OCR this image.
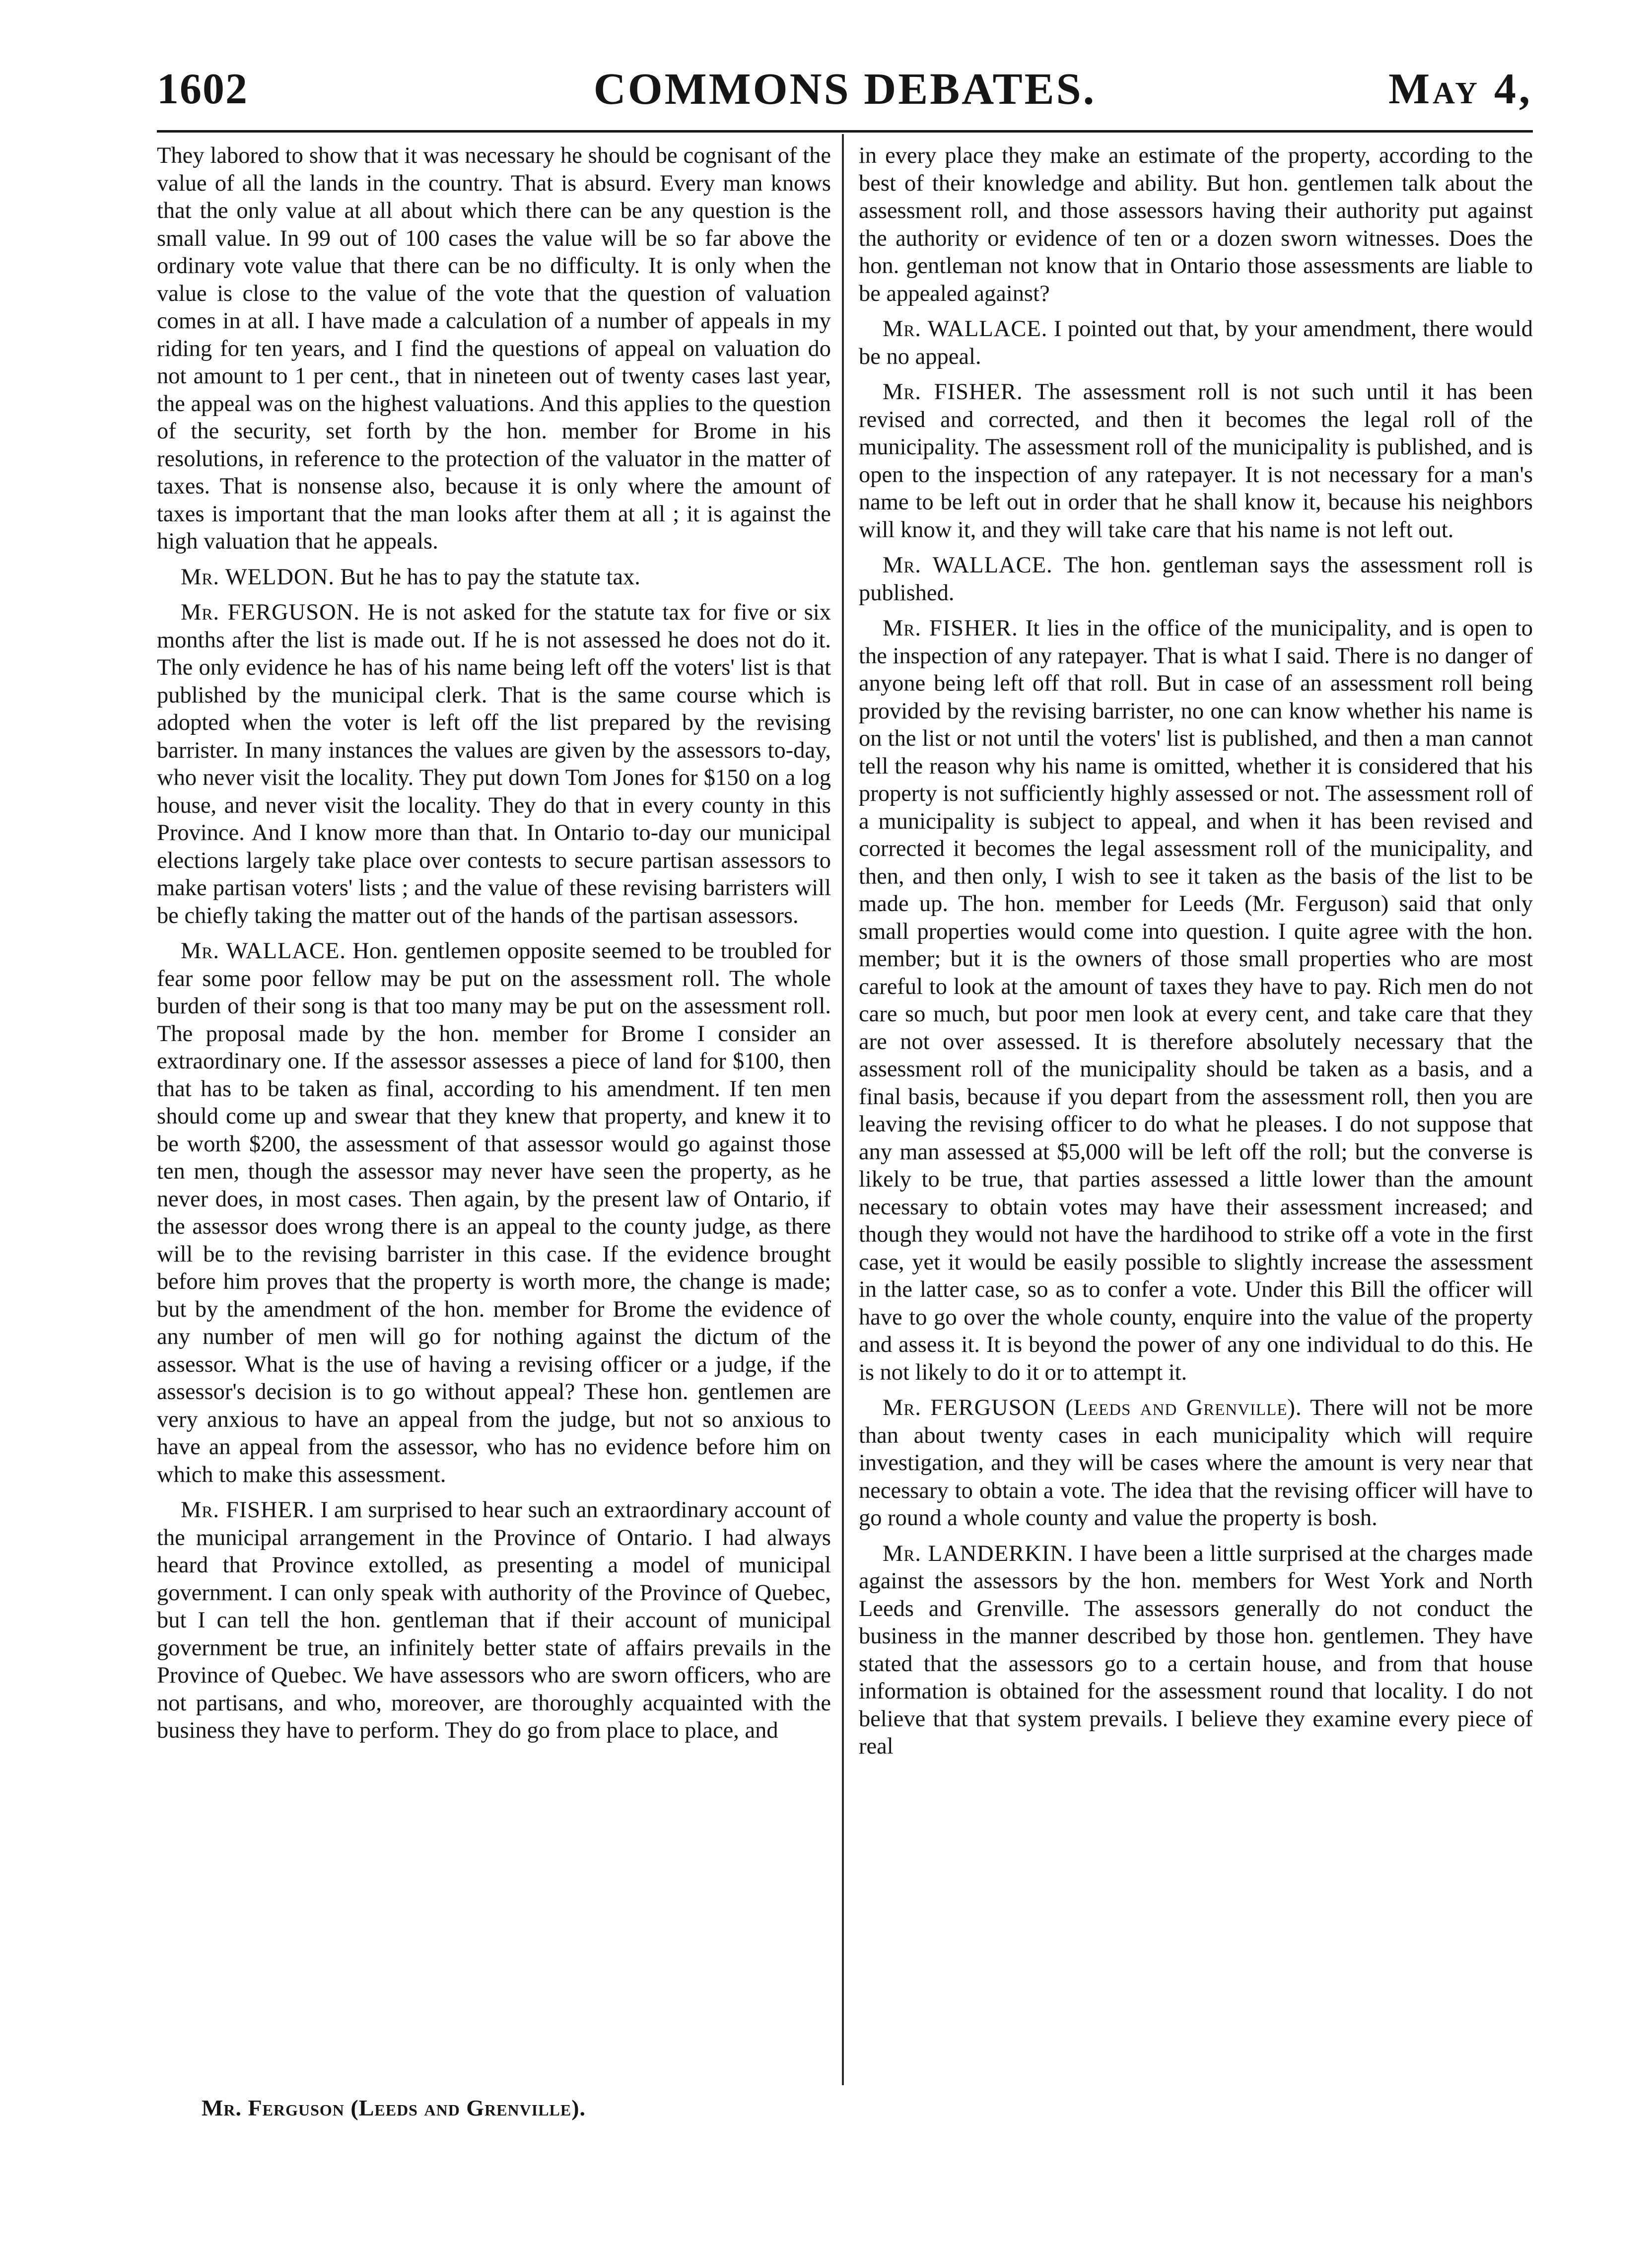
1602	COMMONS DEBATES.	May 4,

They labored to show that it was necessary he should be cognisant of the value of all the lands in the country. That is absurd. Every man knows that the only value at all about which there can be any question is the small value. In 99 out of 100 cases the value will be so far above the ordinary vote value that there can be no difficulty. It is only when the value is close to the value of the vote that the question of valuation comes in at all. I have made a calculation of a number of appeals in my riding for ten years, and I find the questions of appeal on valuation do not amount to 1 per cent., that in nineteen out of twenty cases last year, the appeal was on the highest valuations. And this applies to the question of the security, set forth by the hon. member for Brome in his resolutions, in reference to the protection of the valuator in the matter of taxes. That is nonsense also, because it is only where the amount of taxes is important that the man looks after them at all ; it is against the high valuation that he appeals.

Mr. WELDON. But he has to pay the statute tax.

Mr. FERGUSON. He is not asked for the statute tax for five or six months after the list is made out. If he is not assessed he does not do it. The only evidence he has of his name being left off the voters' list is that published by the municipal clerk. That is the same course which is adopted when the voter is left off the list prepared by the revising barrister. In many instances the values are given by the assessors to-day, who never visit the locality. They put down Tom Jones for $150 on a log house, and never visit the locality. They do that in every county in this Province. And I know more than that. In Ontario to-day our municipal elections largely take place over contests to secure partisan assessors to make partisan voters' lists ; and the value of these revising barristers will be chiefly taking the matter out of the hands of the partisan assessors.

Mr. WALLACE. Hon. gentlemen opposite seemed to be troubled for fear some poor fellow may be put on the assessment roll. The whole burden of their song is that too many may be put on the assessment roll. The proposal made by the hon. member for Brome I consider an extraordinary one. If the assessor assesses a piece of land for $100, then that has to be taken as final, according to his amendment. If ten men should come up and swear that they knew that property, and knew it to be worth $200, the assessment of that assessor would go against those ten men, though the assessor may never have seen the property, as he never does, in most cases. Then again, by the present law of Ontario, if the assessor does wrong there is an appeal to the county judge, as there will be to the revising barrister in this case. If the evidence brought before him proves that the property is worth more, the change is made; but by the amendment of the hon. member for Brome the evidence of any number of men will go for nothing against the dictum of the assessor. What is the use of having a revising officer or a judge, if the assessor's decision is to go without appeal? These hon. gentlemen are very anxious to have an appeal from the judge, but not so anxious to have an appeal from the assessor, who has no evidence before him on which to make this assessment.

Mr. FISHER. I am surprised to hear such an extraordinary account of the municipal arrangement in the Province of Ontario. I had always heard that Province extolled, as presenting a model of municipal government. I can only speak with authority of the Province of Quebec, but I can tell the hon. gentleman that if their account of municipal government be true, an infinitely better state of affairs prevails in the Province of Quebec. We have assessors who are sworn officers, who are not partisans, and who, moreover, are thoroughly acquainted with the business they have to perform. They do go from place to place, and

in every place they make an estimate of the property, according to the best of their knowledge and ability. But hon. gentlemen talk about the assessment roll, and those assessors having their authority put against the authority or evidence of ten or a dozen sworn witnesses. Does the hon. gentleman not know that in Ontario those assessments are liable to be appealed against?

Mr. WALLACE. I pointed out that, by your amendment, there would be no appeal.

Mr. FISHER. The assessment roll is not such until it has been revised and corrected, and then it becomes the legal roll of the municipality. The assessment roll of the municipality is published, and is open to the inspection of any ratepayer. It is not necessary for a man's name to be left out in order that he shall know it, because his neighbors will know it, and they will take care that his name is not left out.

Mr. WALLACE. The hon. gentleman says the assessment roll is published.

Mr. FISHER. It lies in the office of the municipality, and is open to the inspection of any ratepayer. That is what I said. There is no danger of anyone being left off that roll. But in case of an assessment roll being provided by the revising barrister, no one can know whether his name is on the list or not until the voters' list is published, and then a man cannot tell the reason why his name is omitted, whether it is considered that his property is not sufficiently highly assessed or not. The assessment roll of a municipality is subject to appeal, and when it has been revised and corrected it becomes the legal assessment roll of the municipality, and then, and then only, I wish to see it taken as the basis of the list to be made up. The hon. member for Leeds (Mr. Ferguson) said that only small properties would come into question. I quite agree with the hon. member; but it is the owners of those small properties who are most careful to look at the amount of taxes they have to pay. Rich men do not care so much, but poor men look at every cent, and take care that they are not over assessed. It is therefore absolutely necessary that the assessment roll of the municipality should be taken as a basis, and a final basis, because if you depart from the assessment roll, then you are leaving the revising officer to do what he pleases. I do not suppose that any man assessed at $5,000 will be left off the roll; but the converse is likely to be true, that parties assessed a little lower than the amount necessary to obtain votes may have their assessment increased; and though they would not have the hardihood to strike off a vote in the first case, yet it would be easily possible to slightly increase the assessment in the latter case, so as to confer a vote. Under this Bill the officer will have to go over the whole county, enquire into the value of the property and assess it. It is beyond the power of any one individual to do this. He is not likely to do it or to attempt it.

Mr. FERGUSON (Leeds and Grenville). There will not be more than about twenty cases in each municipality which will require investigation, and they will be cases where the amount is very near that necessary to obtain a vote. The idea that the revising officer will have to go round a whole county and value the property is bosh.

Mr. LANDERKIN. I have been a little surprised at the charges made against the assessors by the hon. members for West York and North Leeds and Grenville. The assessors generally do not conduct the business in the manner described by those hon. gentlemen. They have stated that the assessors go to a certain house, and from that house information is obtained for the assessment round that locality. I do not believe that that system prevails. I believe they examine every piece of real

Mr. Ferguson (Leeds and Grenville).
